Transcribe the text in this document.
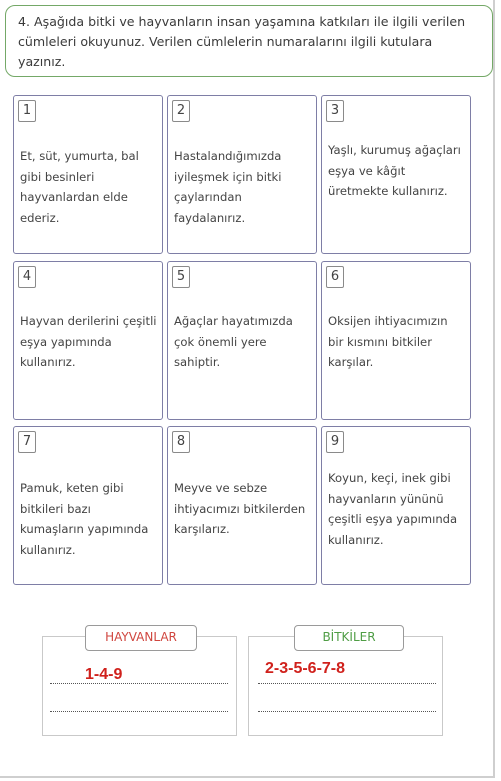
4. Aşağıda bitki ve hayvanların insan yaşamına katkıları ile ilgili verilen cümleleri okuyunuz. Verilen cümlelerin numaralarını ilgili kutulara yazınız.
1
Et, süt, yumurta, bal gibi besinleri hayvanlardan elde ederiz.
2
Hastalandığımızda iyileşmek için bitki çaylarından faydalanırız.
3
Yaşlı, kurumuş ağaçları eşya ve kâğıt üretmekte kullanırız.
4
Hayvan derilerini çeşitli eşya yapımında kullanırız.
5
Ağaçlar hayatımızda çok önemli yere sahiptir.
6
Oksijen ihtiyacımızın bir kısmını bitkiler karşılar.
7
Pamuk, keten gibi bitkileri bazı kumaşların yapımında kullanırız.
8
Meyve ve sebze ihtiyacımızı bitkilerden karşılarız.
9
Koyun, keçi, inek gibi hayvanların yününü çeşitli eşya yapımında kullanırız.
HAYVANLAR	BİTKİLER
1-4-9	2-3-5-6-7-8
